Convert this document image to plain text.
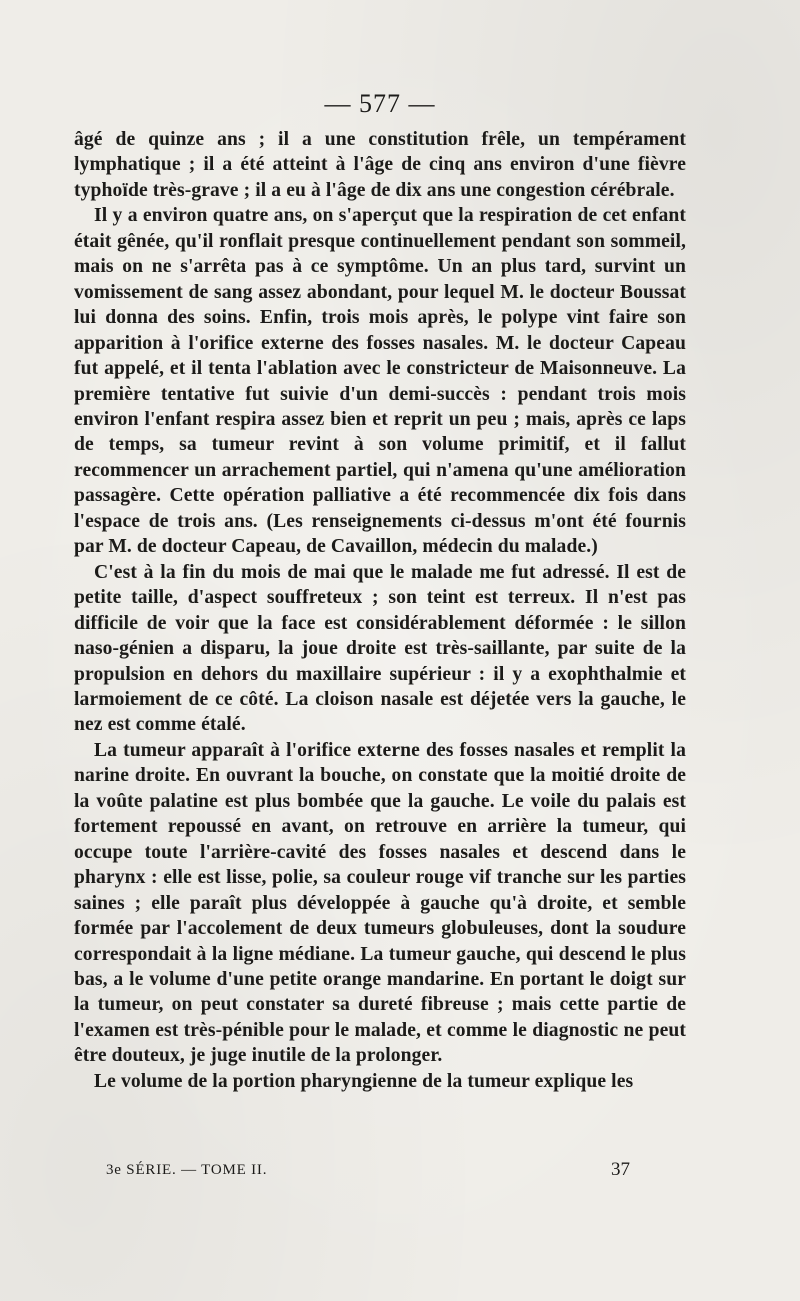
— 577 —

âgé de quinze ans ; il a une constitution frêle, un tempérament lymphatique ; il a été atteint à l'âge de cinq ans environ d'une fièvre typhoïde très-grave ; il a eu à l'âge de dix ans une congestion cérébrale.

Il y a environ quatre ans, on s'aperçut que la respiration de cet enfant était gênée, qu'il ronflait presque continuellement pendant son sommeil, mais on ne s'arrêta pas à ce symptôme. Un an plus tard, survint un vomissement de sang assez abondant, pour lequel M. le docteur Boussat lui donna des soins. Enfin, trois mois après, le polype vint faire son apparition à l'orifice externe des fosses nasales. M. le docteur Capeau fut appelé, et il tenta l'ablation avec le constricteur de Maisonneuve. La première tentative fut suivie d'un demi-succès : pendant trois mois environ l'enfant respira assez bien et reprit un peu ; mais, après ce laps de temps, sa tumeur revint à son volume primitif, et il fallut recommencer un arrachement partiel, qui n'amena qu'une amélioration passagère. Cette opération palliative a été recommencée dix fois dans l'espace de trois ans. (Les renseignements ci-dessus m'ont été fournis par M. de docteur Capeau, de Cavaillon, médecin du malade.)

C'est à la fin du mois de mai que le malade me fut adressé. Il est de petite taille, d'aspect souffreteux ; son teint est terreux. Il n'est pas difficile de voir que la face est considérablement déformée : le sillon naso-génien a disparu, la joue droite est très-saillante, par suite de la propulsion en dehors du maxillaire supérieur : il y a exophthalmie et larmoiement de ce côté. La cloison nasale est déjetée vers la gauche, le nez est comme étalé.

La tumeur apparaît à l'orifice externe des fosses nasales et remplit la narine droite. En ouvrant la bouche, on constate que la moitié droite de la voûte palatine est plus bombée que la gauche. Le voile du palais est fortement repoussé en avant, on retrouve en arrière la tumeur, qui occupe toute l'arrière-cavité des fosses nasales et descend dans le pharynx : elle est lisse, polie, sa couleur rouge vif tranche sur les parties saines ; elle paraît plus développée à gauche qu'à droite, et semble formée par l'accolement de deux tumeurs globuleuses, dont la soudure correspondait à la ligne médiane. La tumeur gauche, qui descend le plus bas, a le volume d'une petite orange mandarine. En portant le doigt sur la tumeur, on peut constater sa dureté fibreuse ; mais cette partie de l'examen est très-pénible pour le malade, et comme le diagnostic ne peut être douteux, je juge inutile de la prolonger.

Le volume de la portion pharyngienne de la tumeur explique les

3e SÉRIE. — TOME II.	37
